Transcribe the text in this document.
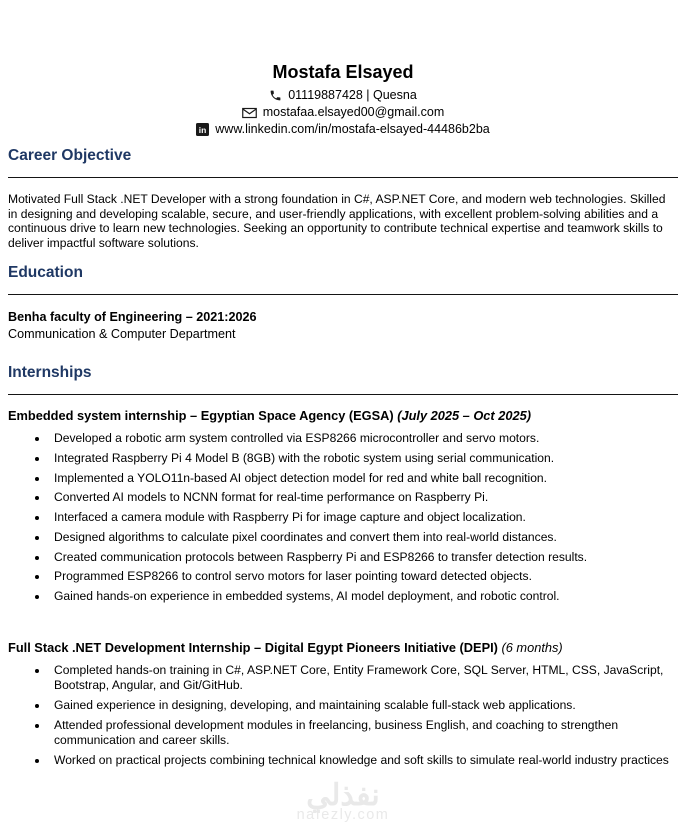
Mostafa Elsayed
01119887428 | Quesna
mostafaa.elsayed00@gmail.com
in www.linkedin.com/in/mostafa-elsayed-44486b2ba
Career Objective

Motivated Full Stack .NET Developer with a strong foundation in C#, ASP.NET Core, and modern web technologies. Skilled in designing and developing scalable, secure, and user-friendly applications, with excellent problem-solving abilities and a continuous drive to learn new technologies. Seeking an opportunity to contribute technical expertise and teamwork skills to deliver impactful software solutions.

Education

Benha faculty of Engineering – 2021:2026

Communication & Computer Department

Internships

Embedded system internship – Egyptian Space Agency (EGSA) (July 2025 – Oct 2025)

• Developed a robotic arm system controlled via ESP8266 microcontroller and servo motors.
• Integrated Raspberry Pi 4 Model B (8GB) with the robotic system using serial communication.
• Implemented a YOLO11n-based AI object detection model for red and white ball recognition.
• Converted AI models to NCNN format for real-time performance on Raspberry Pi.
• Interfaced a camera module with Raspberry Pi for image capture and object localization.
• Designed algorithms to calculate pixel coordinates and convert them into real-world distances.
• Created communication protocols between Raspberry Pi and ESP8266 to transfer detection results.
• Programmed ESP8266 to control servo motors for laser pointing toward detected objects.
• Gained hands-on experience in embedded systems, AI model deployment, and robotic control.

Full Stack .NET Development Internship – Digital Egypt Pioneers Initiative (DEPI) (6 months)

• Completed hands-on training in C#, ASP.NET Core, Entity Framework Core, SQL Server, HTML, CSS, JavaScript, Bootstrap, Angular, and Git/GitHub.
• Gained experience in designing, developing, and maintaining scalable full-stack web applications.
• Attended professional development modules in freelancing, business English, and coaching to strengthen communication and career skills.
• Worked on practical projects combining technical knowledge and soft skills to simulate real-world industry practices

نفذلي

nafezly.com
